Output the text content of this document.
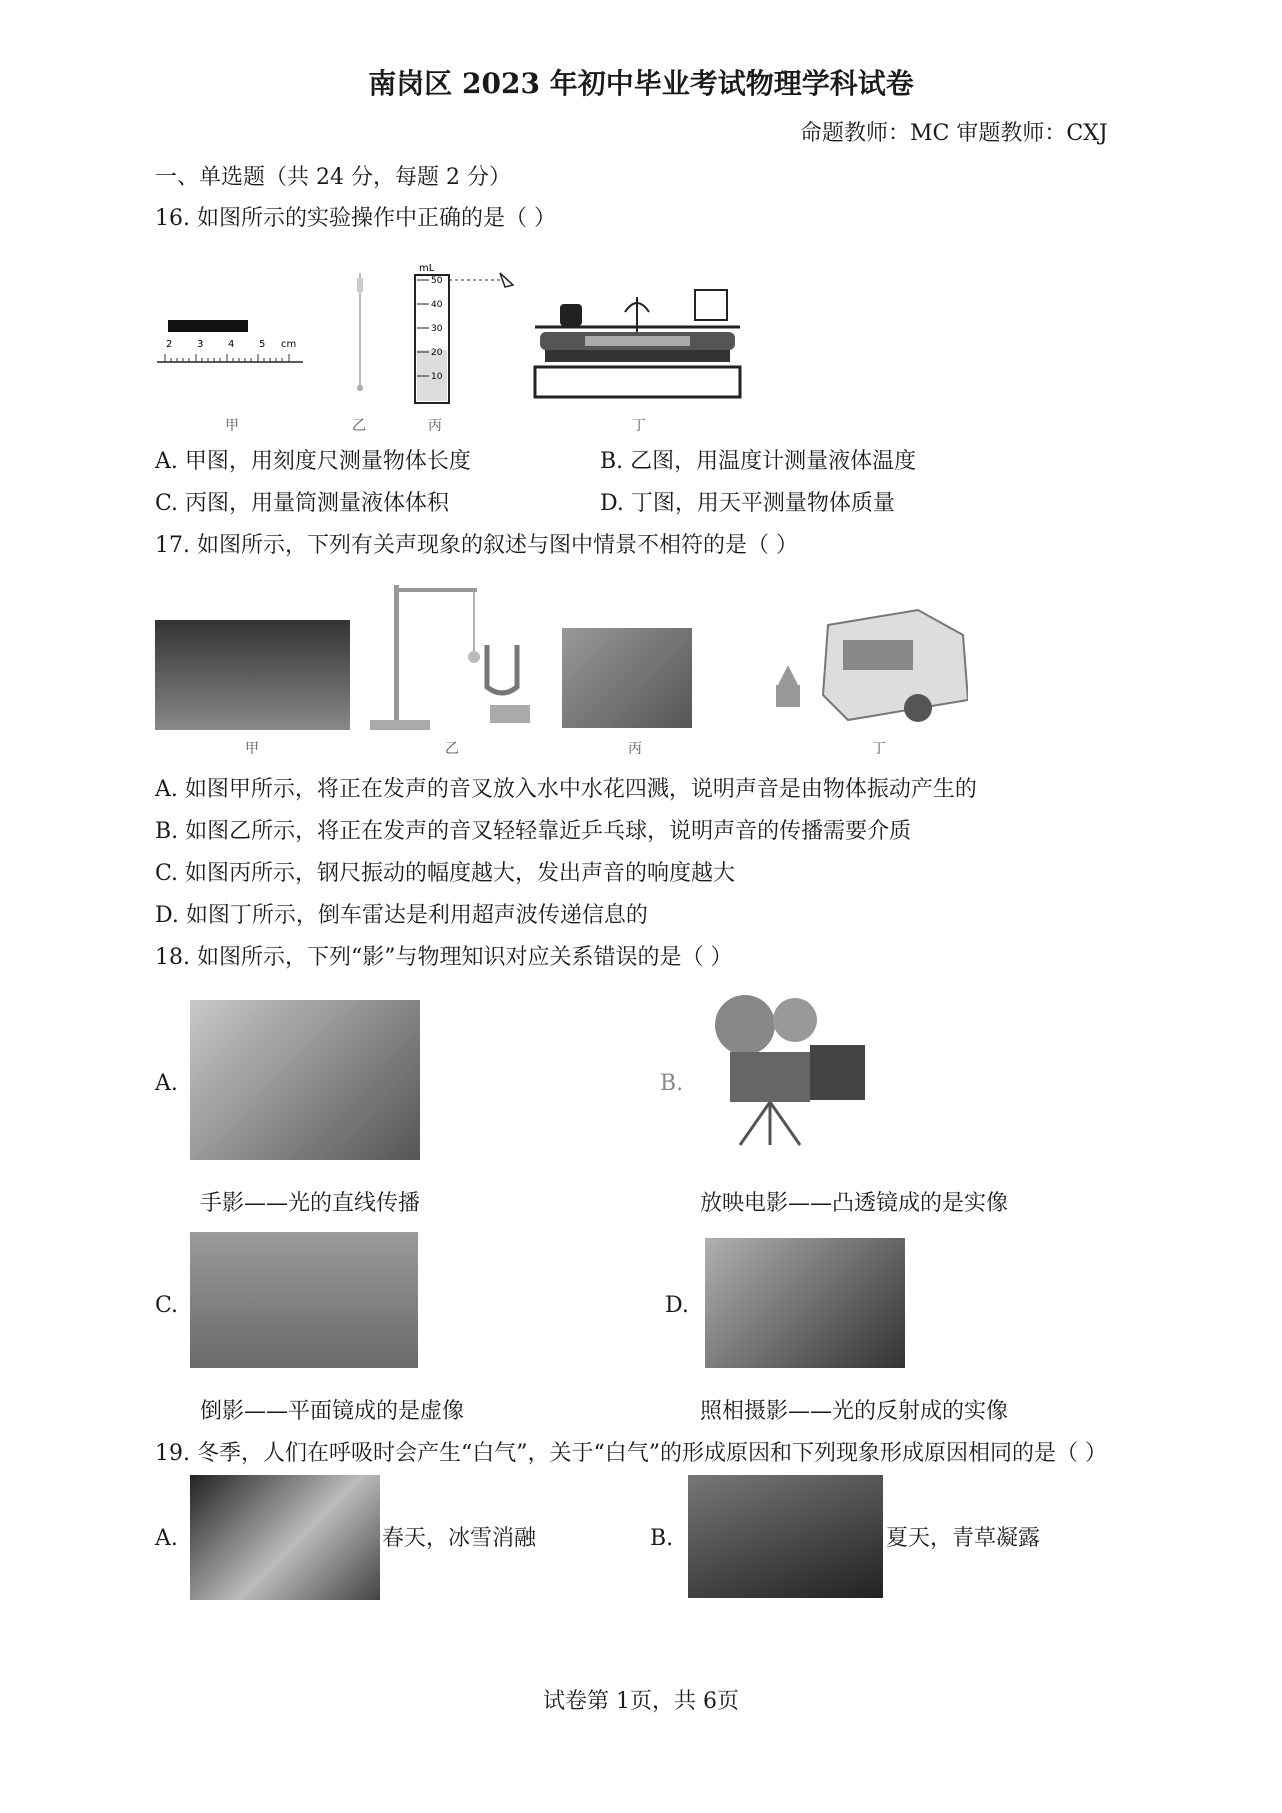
南岗区 2023 年初中毕业考试物理学科试卷
命题教师：MC 审题教师：CXJ
一、单选题（共 24 分，每题 2 分）
16. 如图所示的实验操作中正确的是（ ）
2 3 4 5 cm
mL
50
40
30
20
10
甲	乙	丙	丁
A. 甲图，用刻度尺测量物体长度	B. 乙图，用温度计测量液体温度
C. 丙图，用量筒测量液体体积	D. 丁图，用天平测量物体质量
17. 如图所示，下列有关声现象的叙述与图中情景不相符的是（ ）
甲	乙	丙	丁
A. 如图甲所示，将正在发声的音叉放入水中水花四溅，说明声音是由物体振动产生的
B. 如图乙所示，将正在发声的音叉轻轻靠近乒乓球，说明声音的传播需要介质
C. 如图丙所示，钢尺振动的幅度越大，发出声音的响度越大
D. 如图丁所示，倒车雷达是利用超声波传递信息的
18. 如图所示，下列“影”与物理知识对应关系错误的是（ ）
A.
手影——光的直线传播
B.
放映电影——凸透镜成的是实像
C.
倒影——平面镜成的是虚像
D.
照相摄影——光的反射成的实像
19. 冬季，人们在呼吸时会产生“白气”，关于“白气”的形成原因和下列现象形成原因相同的是（ ）
A.	春天，冰雪消融	B.	夏天，青草凝露
试卷第 1页，共 6页
